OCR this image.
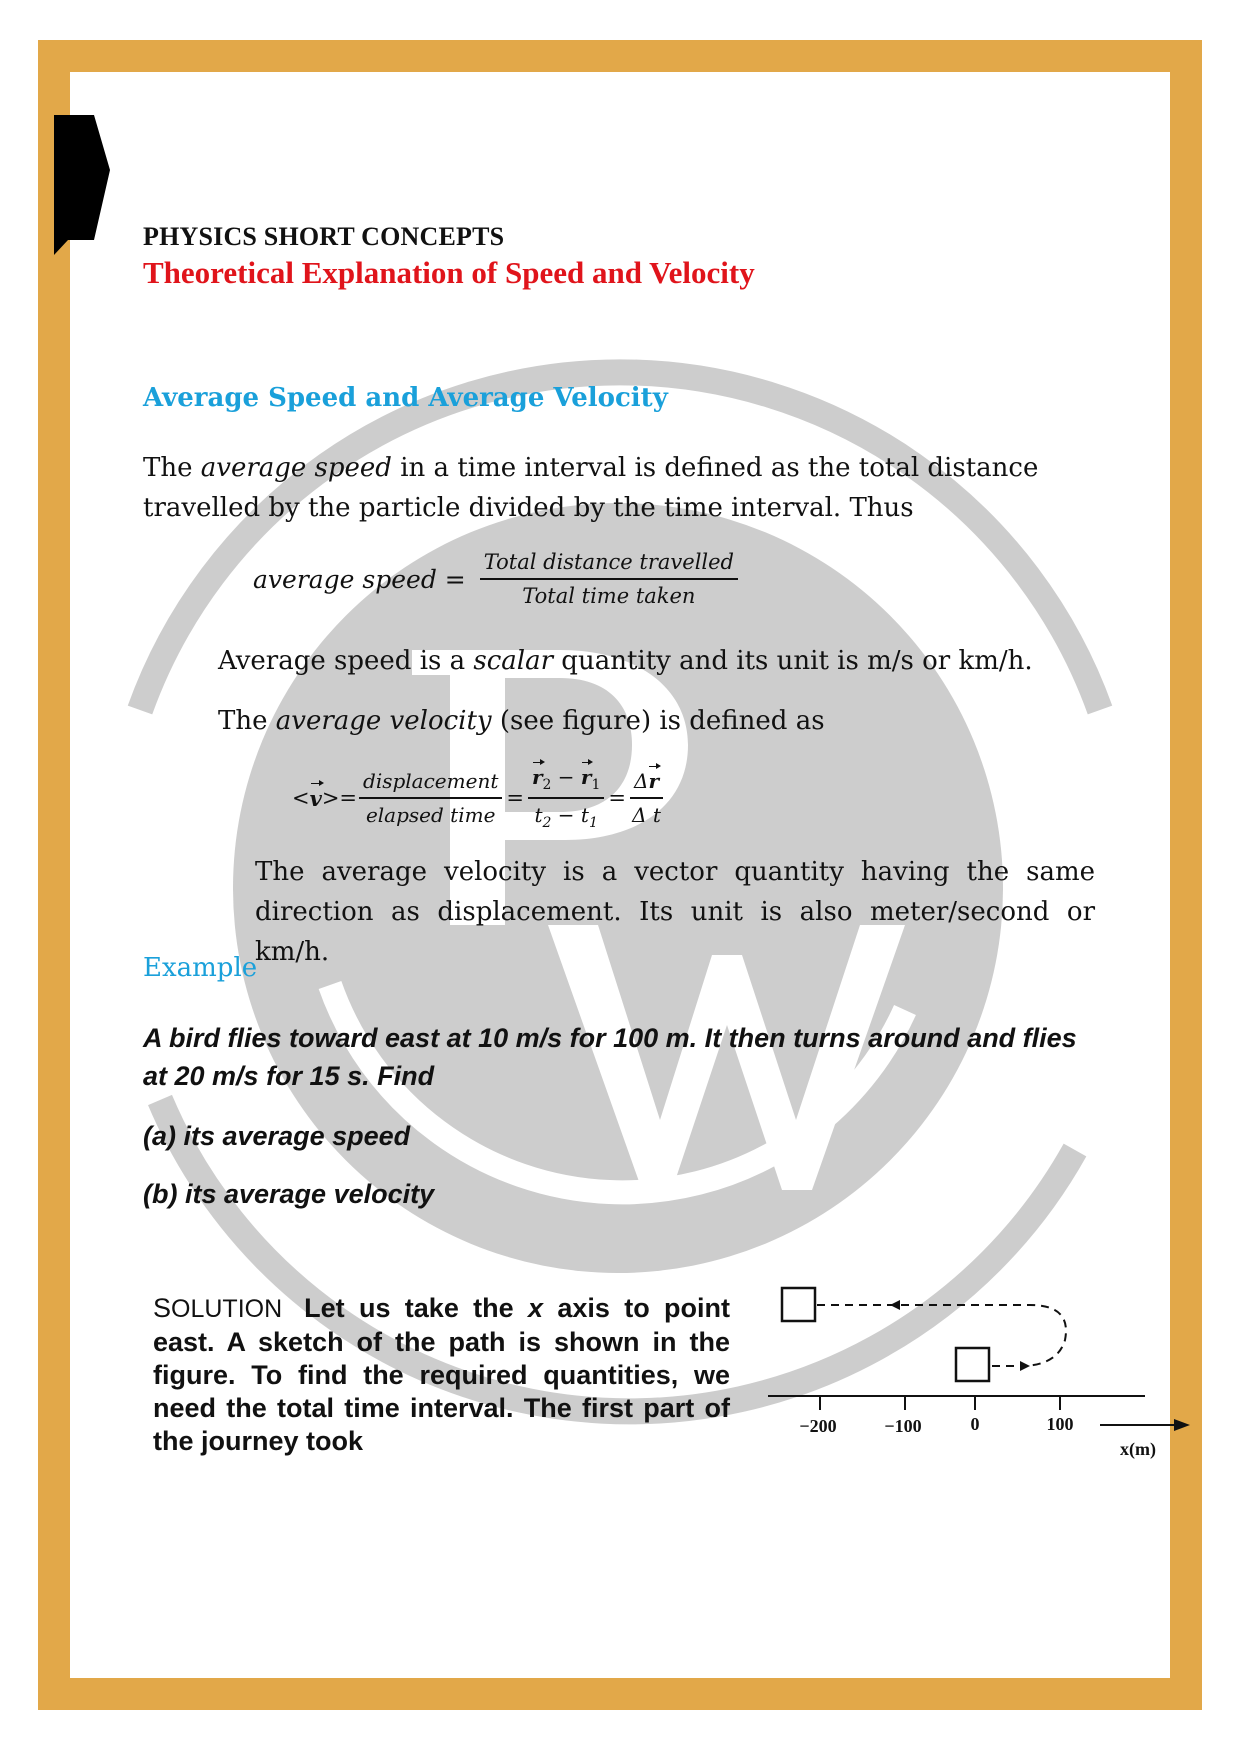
PHYSICS SHORT CONCEPTS
Theoretical Explanation of Speed and Velocity
Average Speed and Average Velocity

The average speed in a time interval is defined as the total distance travelled by the particle divided by the time interval. Thus

average speed = $\frac{\text{Total distance travelled}}{\text{Total time taken}}$

Average speed is a scalar quantity and its unit is m/s or km/h.

The average velocity (see figure) is defined as

< $v >= \frac{\text{displacement}}{\text{elapsed time}} = \frac{r_2 - r_1}{t_2 - t_1} = \frac{\Delta r}{\text{Δ t}}$

The average velocity is a vector quantity having the same direction as displacement. Its unit is also meter/second or km/h.

Example

A bird flies toward east at 10 m/s for 100 m. It then turns around and flies at 20 m/s for 15 s. Find

(a) its average speed

(b) its average velocity

SOLUTION Let us take the x axis to point east. A sketch of the path is shown in the figure. To find the required quantities, we need the total time interval. The first part of the journey took	−200	−100	0	100
x(m)
